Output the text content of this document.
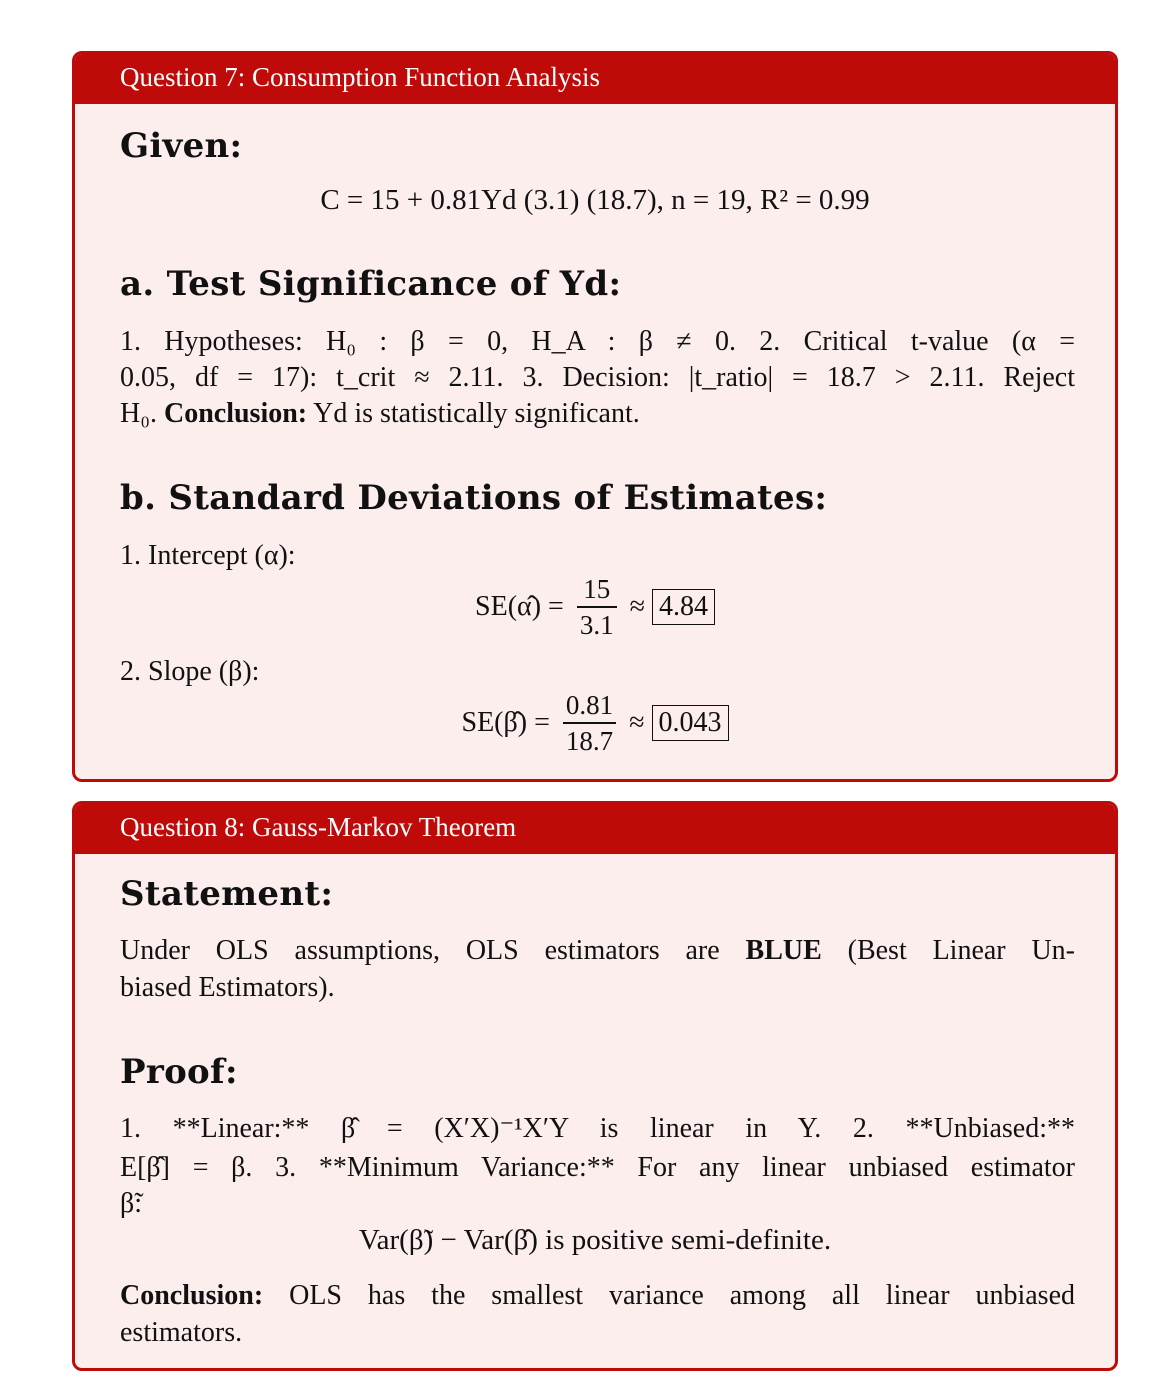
Question 7: Consumption Function Analysis
Given:
C = 15 + 0.81Yd (3.1) (18.7), n = 19, R² = 0.99
a. Test Significance of Yd:
1. Hypotheses: H₀ : β = 0, H_A : β ≠ 0. 2. Critical t-value (α =
0.05, df = 17): t_crit ≈ 2.11. 3. Decision: |t_ratio| = 18.7 > 2.11. Reject
H₀. Conclusion: Yd is statistically significant.
b. Standard Deviations of Estimates:
1. Intercept (α):
SE(α̂) = $\frac{15}{3.1} \approx 4.84$
2. Slope (β):
SE(β̂) = $\frac{0.81}{18.7} \approx 0.043$
Question 8: Gauss-Markov Theorem
Statement:
Under OLS assumptions, OLS estimators are BLUE (Best Linear Un-
biased Estimators).
Proof:
1. **Linear:** β̂ = (X′X)⁻¹X′Y is linear in Y. 2. **Unbiased:**
E[β̂] = β. 3. **Minimum Variance:** For any linear unbiased estimator
β̃:
Var(β̃) − Var(β̂) is positive semi-definite.
Conclusion: OLS has the smallest variance among all linear unbiased
estimators.
